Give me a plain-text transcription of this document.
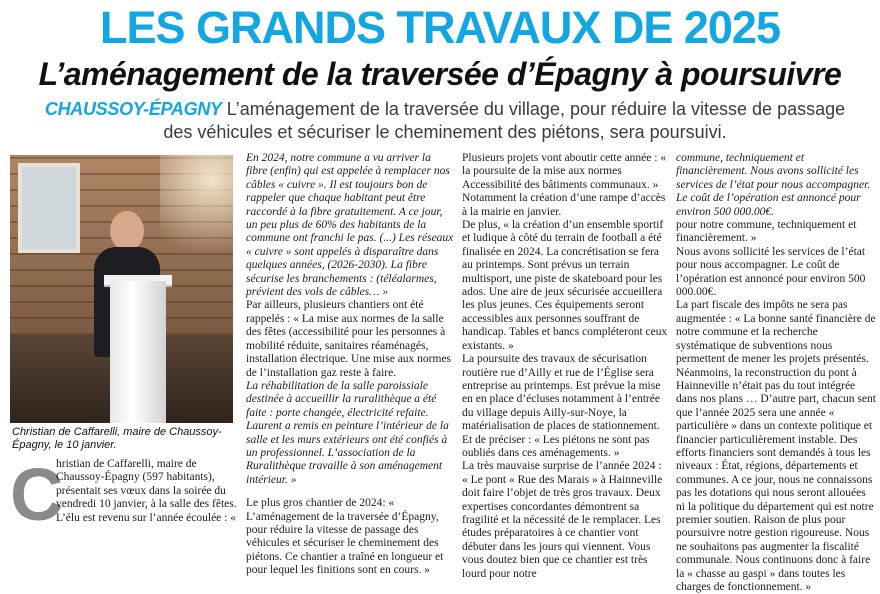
LES GRANDS TRAVAUX DE 2025
L’aménagement de la traversée d’Épagny à poursuivre
CHAUSSOY-ÉPAGNY L’aménagement de la traversée du village, pour réduire la vitesse de passage des véhicules et sécuriser le cheminement des piétons, sera poursuivi.
Christian de Caffarelli, maire de Chaussoy-Épagny, le 10 janvier.
C

hristian de Caffarelli, maire de Chaussoy-Épagny (597 habitants), présentait ses vœux dans la soirée du vendredi 10 janvier, à la salle des fêtes.

L’élu est revenu sur l’année écoulée : «

En 2024, notre commune a vu arriver la fibre (enfin) qui est appelée à remplacer nos câbles « cuivre ». Il est toujours bon de rappeler que chaque habitant peut être raccordé à la fibre gratuitement. A ce jour, un peu plus de 60% des habitants de la commune ont franchi le pas. (...) Les réseaux « cuivre » sont appelés à disparaître dans quelques années, (2026-2030). La fibre sécurise les branchements : (téléalarmes, prévient des vols de câbles… »

Par ailleurs, plusieurs chantiers ont été rappelés : « La mise aux normes de la salle des fêtes (accessibilité pour les personnes à mobilité réduite, sanitaires réaménagés, installation électrique. Une mise aux normes de l’installation gaz reste à faire.

La réhabilitation de la salle paroissiale destinée à accueillir la ruralithèque a été faite : porte changée, électricité refaite. Laurent a remis en peinture l’intérieur de la salle et les murs extérieurs ont été confiés à un professionnel. L’association de la Ruralithèque travaille à son aménagement intérieur. »

Le plus gros chantier de 2024: « L’aménagement de la traversée d’Épagny, pour réduire la vitesse de passage des véhicules et sécuriser le cheminement des piétons. Ce chantier a traîné en longueur et pour lequel les finitions sont en cours. »

Plusieurs projets vont aboutir cette année : « la poursuite de la mise aux normes Accessibilité des bâtiments communaux. » Notamment la création d’une rampe d’accès à la mairie en janvier.

De plus, « la création d’un ensemble sportif et ludique à côté du terrain de football a été finalisée en 2024. La concrétisation se fera au printemps. Sont prévus un terrain multisport, une piste de skateboard pour les ados. Une aire de jeux sécurisée accueillera les plus jeunes. Ces équipements seront accessibles aux personnes souffrant de handicap. Tables et bancs compléteront ceux existants. »

La poursuite des travaux de sécurisation routière rue d’Ailly et rue de l’Église sera entreprise au printemps. Est prévue la mise en en place d’écluses notamment à l’entrée du village depuis Ailly-sur-Noye, la matérialisation de places de stationnement. Et de préciser : « Les piétons ne sont pas oubliés dans ces aménagements. »

La très mauvaise surprise de l’année 2024 : « Le pont « Rue des Marais » à Hainneville doit faire l’objet de très gros travaux. Deux expertises concordantes démontrent sa fragilité et la nécessité de le remplacer. Les études préparatoires à ce chantier vont débuter dans les jours qui viennent. Vous vous doutez bien que ce chantier est très lourd pour notre

commune, techniquement et financièrement. Nous avons sollicité les services de l’état pour nous accompagner. Le coût de l’opération est annoncé pour environ 500 000.00€.

pour notre commune, techniquement et financièrement. »

Nous avons sollicité les services de l’état pour nous accompagner. Le coût de l’opération est annoncé pour environ 500 000.00€.

La part fiscale des impôts ne sera pas augmentée : « La bonne santé financière de notre commune et la recherche systématique de subventions nous permettent de mener les projets présentés. Néanmoins, la reconstruction du pont à Hainneville n’était pas du tout intégrée dans nos plans … D’autre part, chacun sent que l’année 2025 sera une année « particulière » dans un contexte politique et financier particulièrement instable. Des efforts financiers sont demandés à tous les niveaux : État, régions, départements et communes. A ce jour, nous ne connaissons pas les dotations qui nous seront allouées ni la politique du département qui est notre premier soutien. Raison de plus pour poursuivre notre gestion rigoureuse. Nous ne souhaitons pas augmenter la fiscalité communale. Nous continuons donc à faire la « chasse au gaspi » dans toutes les charges de fonctionnement. »
